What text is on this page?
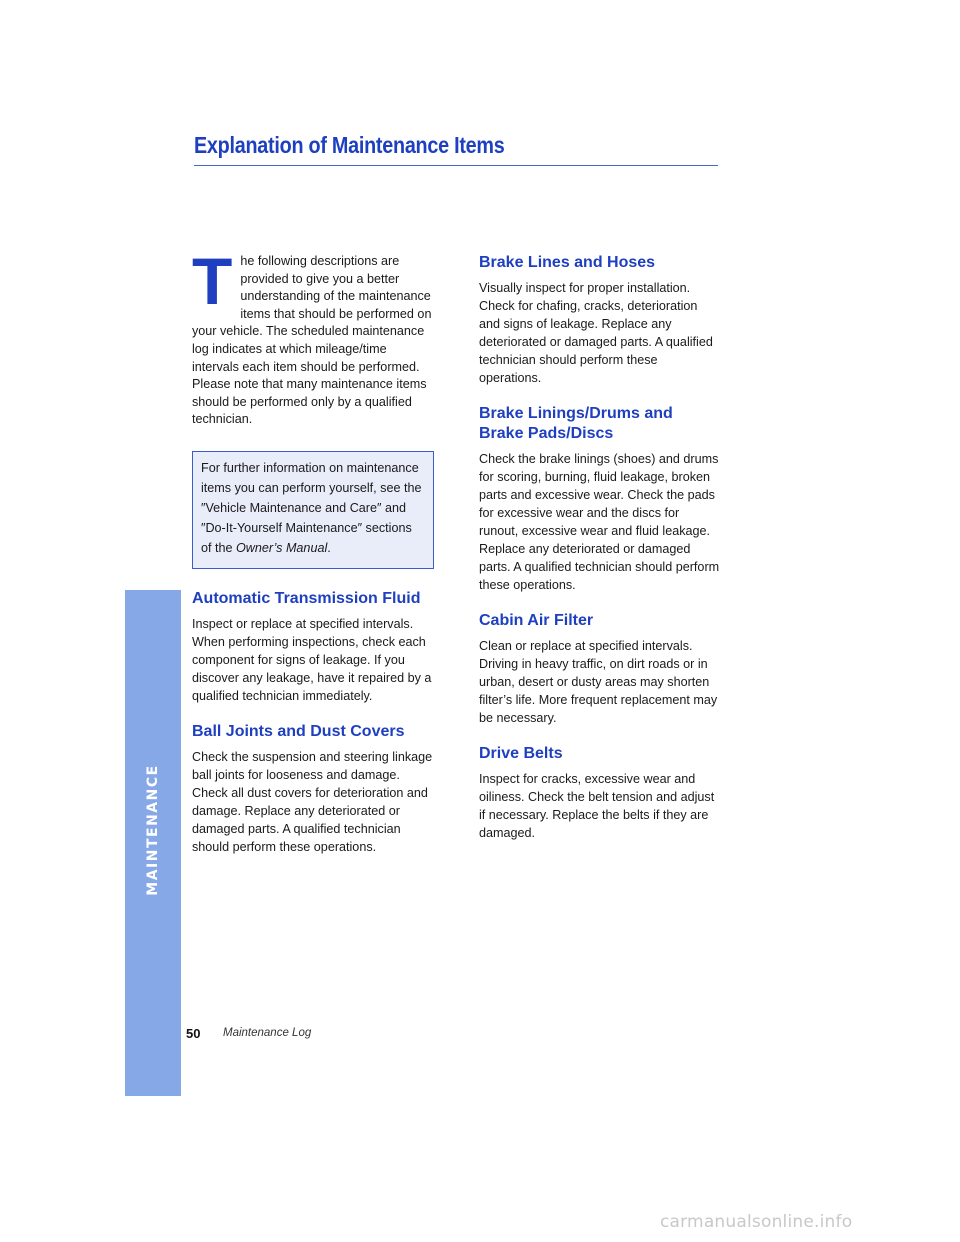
MAINTENANCE
Explanation of Maintenance Items

The following descriptions are provided to give you a better understanding of the maintenance items that should be performed on your vehicle. The scheduled maintenance log indicates at which mileage/time intervals each item should be performed. Please note that many maintenance items should be performed only by a qualified technician.

For further information on maintenance items you can perform yourself, see the ″Vehicle Maintenance and Care″ and ″Do-It-Yourself Maintenance″ sections of the Owner’s Manual.
Automatic Transmission Fluid

Inspect or replace at specified intervals. When performing inspections, check each component for signs of leakage. If you discover any leakage, have it repaired by a qualified technician immediately.

Ball Joints and Dust Covers

Check the suspension and steering linkage ball joints for looseness and damage. Check all dust covers for deterioration and damage. Replace any deteriorated or damaged parts. A qualified technician should perform these operations.

Brake Lines and Hoses

Visually inspect for proper installation. Check for chafing, cracks, deterioration and signs of leakage. Replace any deteriorated or damaged parts. A qualified technician should perform these operations.

Brake Linings/Drums and Brake Pads/Discs

Check the brake linings (shoes) and drums for scoring, burning, fluid leakage, broken parts and excessive wear. Check the pads for excessive wear and the discs for runout, excessive wear and fluid leakage. Replace any deteriorated or damaged parts. A qualified technician should perform these operations.

Cabin Air Filter

Clean or replace at specified intervals. Driving in heavy traffic, on dirt roads or in urban, desert or dusty areas may shorten filter’s life. More frequent replacement may be necessary.

Drive Belts

Inspect for cracks, excessive wear and oiliness. Check the belt tension and adjust if necessary. Replace the belts if they are damaged.

50 Maintenance Log
carmanualsonline.info
